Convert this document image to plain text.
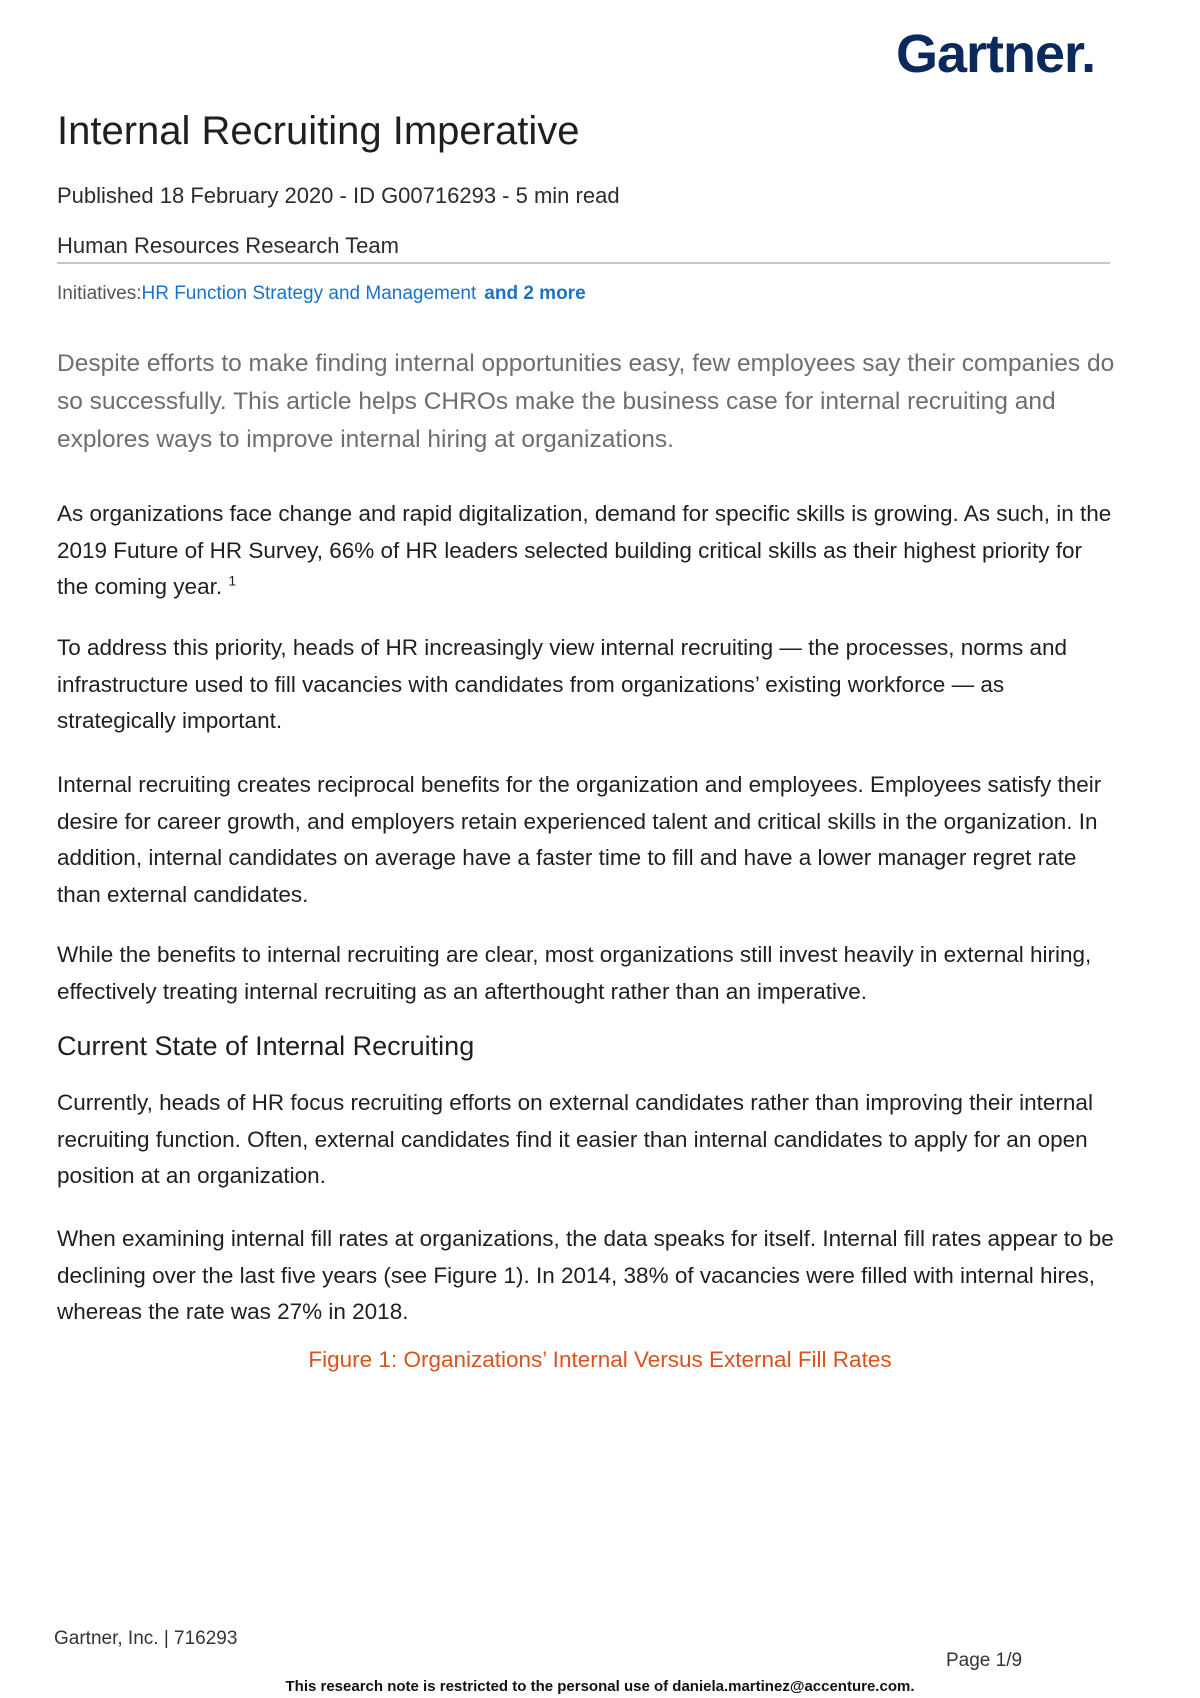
Gartner.
Internal Recruiting Imperative
Published 18 February 2020 - ID G00716293 - 5 min read
Human Resources Research Team
Initiatives:HR Function Strategy and Management and 2 more

Despite efforts to make finding internal opportunities easy, few employees say their companies do so successfully. This article helps CHROs make the business case for internal recruiting and explores ways to improve internal hiring at organizations.

As organizations face change and rapid digitalization, demand for specific skills is growing. As such, in the 2019 Future of HR Survey, 66% of HR leaders selected building critical skills as their highest priority for the coming year. $^1$

To address this priority, heads of HR increasingly view internal recruiting — the processes, norms and infrastructure used to fill vacancies with candidates from organizations’ existing workforce — as strategically important.

Internal recruiting creates reciprocal benefits for the organization and employees. Employees satisfy their desire for career growth, and employers retain experienced talent and critical skills in the organization. In addition, internal candidates on average have a faster time to fill and have a lower manager regret rate than external candidates.

While the benefits to internal recruiting are clear, most organizations still invest heavily in external hiring, effectively treating internal recruiting as an afterthought rather than an imperative.

Current State of Internal Recruiting

Currently, heads of HR focus recruiting efforts on external candidates rather than improving their internal recruiting function. Often, external candidates find it easier than internal candidates to apply for an open position at an organization.

When examining internal fill rates at organizations, the data speaks for itself. Internal fill rates appear to be declining over the last five years (see Figure 1). In 2014, 38% of vacancies were filled with internal hires, whereas the rate was 27% in 2018.

Figure 1: Organizations’ Internal Versus External Fill Rates
Gartner, Inc. | 716293
Page 1/9
This research note is restricted to the personal use of daniela.martinez@accenture.com.
